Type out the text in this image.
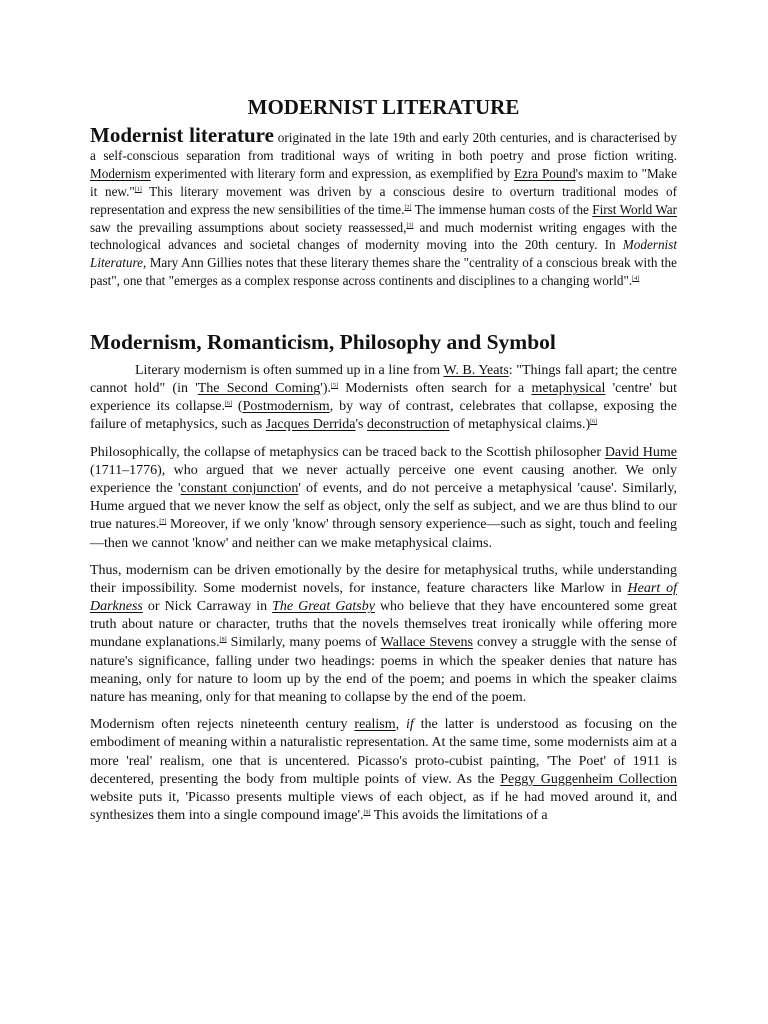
MODERNIST LITERATURE

Modernist literature originated in the late 19th and early 20th centuries, and is characterised by a self-conscious separation from traditional ways of writing in both poetry and prose fiction writing. Modernism experimented with literary form and expression, as exemplified by Ezra Pound's maxim to "Make it new."[1] This literary movement was driven by a conscious desire to overturn traditional modes of representation and express the new sensibilities of the time.[2] The immense human costs of the First World War saw the prevailing assumptions about society reassessed,[3] and much modernist writing engages with the technological advances and societal changes of modernity moving into the 20th century. In Modernist Literature, Mary Ann Gillies notes that these literary themes share the "centrality of a conscious break with the past", one that "emerges as a complex response across continents and disciplines to a changing world".[4]

Modernism, Romanticism, Philosophy and Symbol

Literary modernism is often summed up in a line from W. B. Yeats: "Things fall apart; the centre cannot hold" (in 'The Second Coming').[5] Modernists often search for a metaphysical 'centre' but experience its collapse.[6] (Postmodernism, by way of contrast, celebrates that collapse, exposing the failure of metaphysics, such as Jacques Derrida's deconstruction of metaphysical claims.)[6]

Philosophically, the collapse of metaphysics can be traced back to the Scottish philosopher David Hume (1711–1776), who argued that we never actually perceive one event causing another. We only experience the 'constant conjunction' of events, and do not perceive a metaphysical 'cause'. Similarly, Hume argued that we never know the self as object, only the self as subject, and we are thus blind to our true natures.[7] Moreover, if we only 'know' through sensory experience—such as sight, touch and feeling—then we cannot 'know' and neither can we make metaphysical claims.

Thus, modernism can be driven emotionally by the desire for metaphysical truths, while understanding their impossibility. Some modernist novels, for instance, feature characters like Marlow in Heart of Darkness or Nick Carraway in The Great Gatsby who believe that they have encountered some great truth about nature or character, truths that the novels themselves treat ironically while offering more mundane explanations.[8] Similarly, many poems of Wallace Stevens convey a struggle with the sense of nature's significance, falling under two headings: poems in which the speaker denies that nature has meaning, only for nature to loom up by the end of the poem; and poems in which the speaker claims nature has meaning, only for that meaning to collapse by the end of the poem.

Modernism often rejects nineteenth century realism, if the latter is understood as focusing on the embodiment of meaning within a naturalistic representation. At the same time, some modernists aim at a more 'real' realism, one that is uncentered. Picasso's proto-cubist painting, 'The Poet' of 1911 is decentered, presenting the body from multiple points of view. As the Peggy Guggenheim Collection website puts it, 'Picasso presents multiple views of each object, as if he had moved around it, and synthesizes them into a single compound image'.[9] This avoids the limitations of a
